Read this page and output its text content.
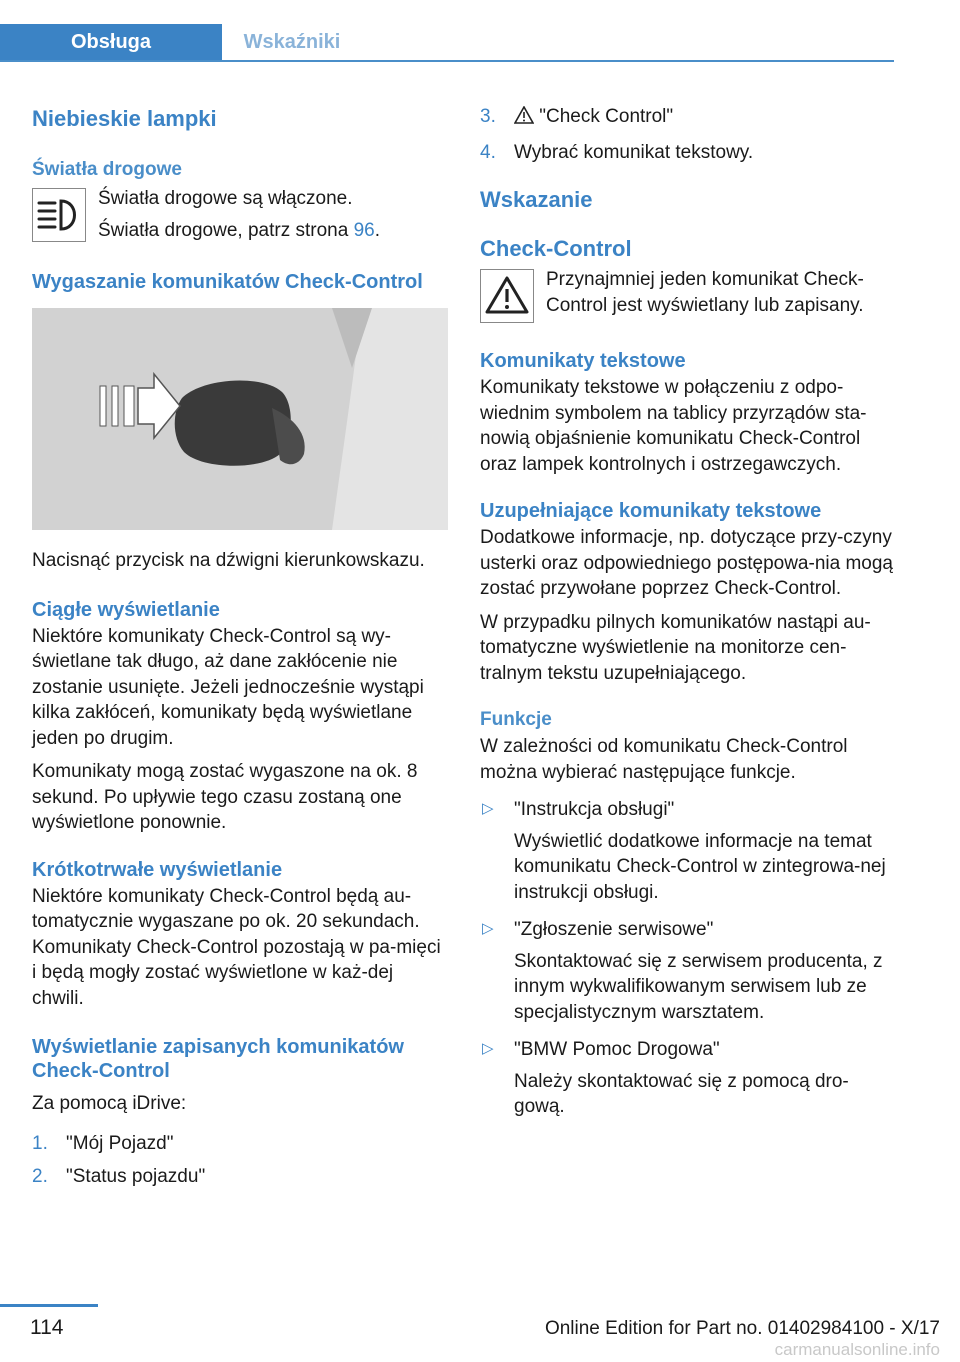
Obsługa	Wskaźniki
Niebieskie lampki
Światła drogowe

Światła drogowe są włączone.

Światła drogowe, patrz strona 96.

Wygaszanie komunikatów Check-Control

Nacisnąć przycisk na dźwigni kierunkowskazu.

Ciągłe wyświetlanie

Niektóre komunikaty Check-Control są wy-świetlane tak długo, aż dane zakłócenie nie zostanie usunięte. Jeżeli jednocześnie wystąpi kilka zakłóceń, komunikaty będą wyświetlane jeden po drugim.

Komunikaty mogą zostać wygaszone na ok. 8 sekund. Po upływie tego czasu zostaną one wyświetlone ponownie.

Krótkotrwałe wyświetlanie

Niektóre komunikaty Check-Control będą au-tomatycznie wygaszane po ok. 20 sekundach. Komunikaty Check-Control pozostają w pa-mięci i będą mogły zostać wyświetlone w każ-dej chwili.

Wyświetlanie zapisanych komunikatów Check-Control

Za pomocą iDrive:

1. "Mój Pojazd"
2. "Status pojazdu"
3. "Check Control"
4. Wybrać komunikat tekstowy.
Wskazanie
Check-Control

Przynajmniej jeden komunikat Check-Control jest wyświetlany lub zapisany.

Komunikaty tekstowe

Komunikaty tekstowe w połączeniu z odpo-wiednim symbolem na tablicy przyrządów sta-nowią objaśnienie komunikatu Check-Control oraz lampek kontrolnych i ostrzegawczych.

Uzupełniające komunikaty tekstowe

Dodatkowe informacje, np. dotyczące przy-czyny usterki oraz odpowiedniego postępowa-nia mogą zostać przywołane poprzez Check-Control.

W przypadku pilnych komunikatów nastąpi au-tomatyczne wyświetlenie na monitorze cen-tralnym tekstu uzupełniającego.

Funkcje

W zależności od komunikatu Check-Control można wybierać następujące funkcje.

▷ "Instrukcja obsługi"
Wyświetlić dodatkowe informacje na temat komunikatu Check-Control w zintegrowa-nej instrukcji obsługi.
▷ "Zgłoszenie serwisowe"
Skontaktować się z serwisem producenta, z innym wykwalifikowanym serwisem lub ze specjalistycznym warsztatem.
▷ "BMW Pomoc Drogowa"
Należy skontaktować się z pomocą dro-gową.
114	Online Edition for Part no. 01402984100 - X/17
carmanualsonline.info
